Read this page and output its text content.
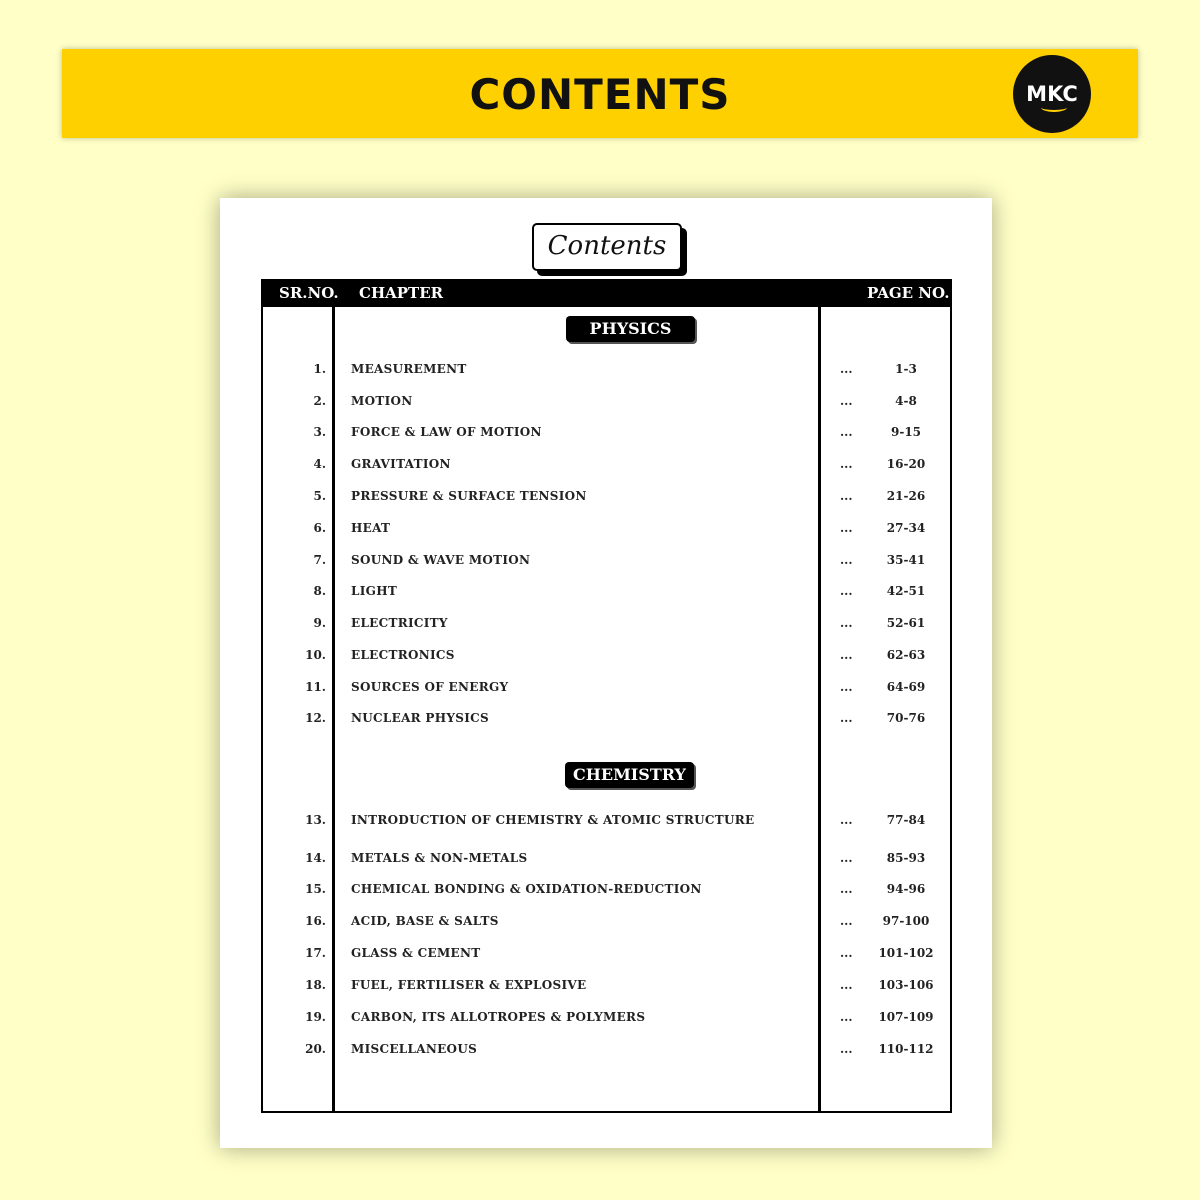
CONTENTS	MKC
Contents
SR.NO. CHAPTER	PAGE NO.
PHYSICS
CHEMISTRY
1. MEASUREMENT	...	1-3
2. MOTION	...	4-8
3. FORCE & LAW OF MOTION	...	9-15
4. GRAVITATION	...	16-20
5. PRESSURE & SURFACE TENSION	...	21-26
6. HEAT	...	27-34
7. SOUND & WAVE MOTION	...	35-41
8. LIGHT	...	42-51
9. ELECTRICITY	...	52-61
10. ELECTRONICS	...	62-63
11. SOURCES OF ENERGY	...	64-69
12. NUCLEAR PHYSICS	...	70-76
13. INTRODUCTION OF CHEMISTRY & ATOMIC STRUCTURE	...	77-84
14. METALS & NON-METALS	...	85-93
15. CHEMICAL BONDING & OXIDATION-REDUCTION	...	94-96
16. ACID, BASE & SALTS	...	97-100
17. GLASS & CEMENT	...	101-102
18. FUEL, FERTILISER & EXPLOSIVE	...	103-106
19. CARBON, ITS ALLOTROPES & POLYMERS	...	107-109
20. MISCELLANEOUS	...	110-112
